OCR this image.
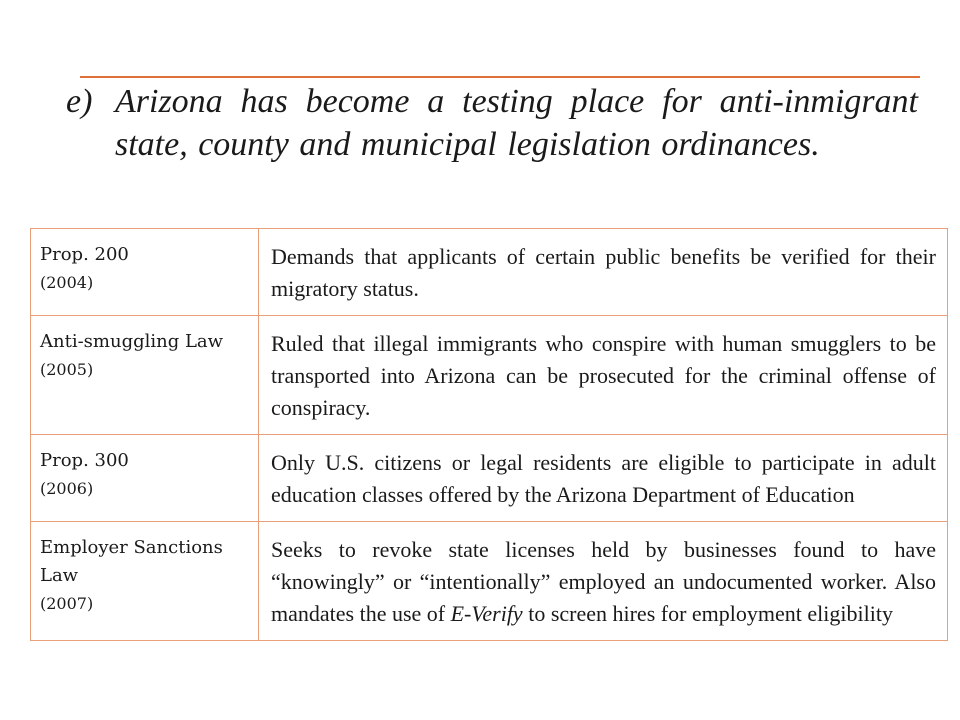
e) Arizona has become a testing place for anti-inmigrant state, county and municipal legislation ordinances.
Prop. 200
(2004)	Demands that applicants of certain public benefits be verified for their migratory status.

Anti-smuggling Law
(2005)	Ruled that illegal immigrants who conspire with human smugglers to be transported into Arizona can be prosecuted for the criminal offense of conspiracy.

Prop. 300
(2006)	Only U.S. citizens or legal residents are eligible to participate in adult education classes offered by the Arizona Department of Education

Employer Sanctions Law
(2007)	Seeks to revoke state licenses held by businesses found to have “knowingly” or “intentionally” employed an undocumented worker. Also mandates the use of E-Verify to screen hires for employment eligibility
